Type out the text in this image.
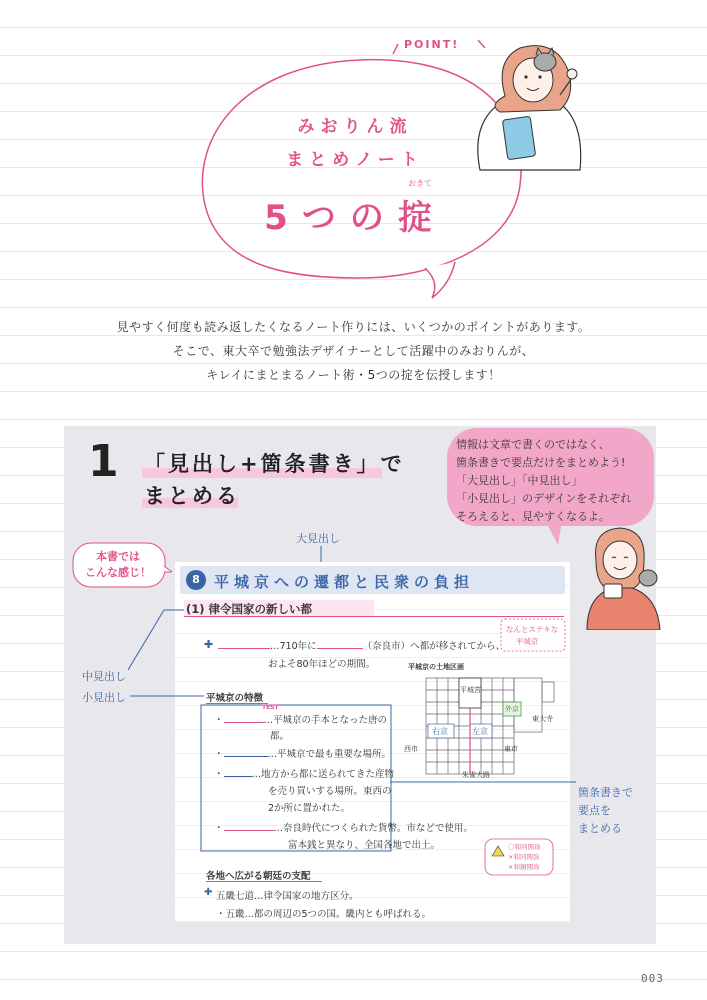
POINT!
みおりん流
まとめノート
おきて
5つの掟
見やすく何度も読み返したくなるノート作りには、いくつかのポイントがあります。
そこで、東大卒で勉強法デザイナーとして活躍中のみおりんが、
キレイにまとまるノート術・5つの掟を伝授します！
1 「見出し+箇条書き」で
まとめる
情報は文章で書くのではなく、
箇条書きで要点だけをまとめよう!
「大見出し」「中見出し」
「小見出し」のデザインをそれぞれ
そろえると、見やすくなるよ。
大見出し
本書では
こんな感じ！
8 平城京への遷都と民衆の負担
(1) 律令国家の新しい都
なんとステキな
平城京
✚	…710年に	（奈良市）へ都が移されてから、
およそ80年ほどの期間。	平城京の土地区画
平城宮
外京
東大寺
右京	左京
西市	東市
朱雀大路
平城京の特徴
TEST
・	…平城京の手本となった唐の
都。
・	…平城京で最も重要な場所。
・	…地方から都に送られてきた産物
を売り買いする場所。東西の
2か所に置かれた。
・	…奈良時代につくられた貨幣。市などで使用。
富本銭と異なり、全国各地で出土。	〇和同開珎
×和同開弥
×和銅開珎
各地へ広がる朝廷の支配
✚ 五畿七道…律令国家の地方区分。
・五畿…都の周辺の5つの国。畿内とも呼ばれる。
中見出し
小見出し
箇条書きで
要点を
まとめる
003
